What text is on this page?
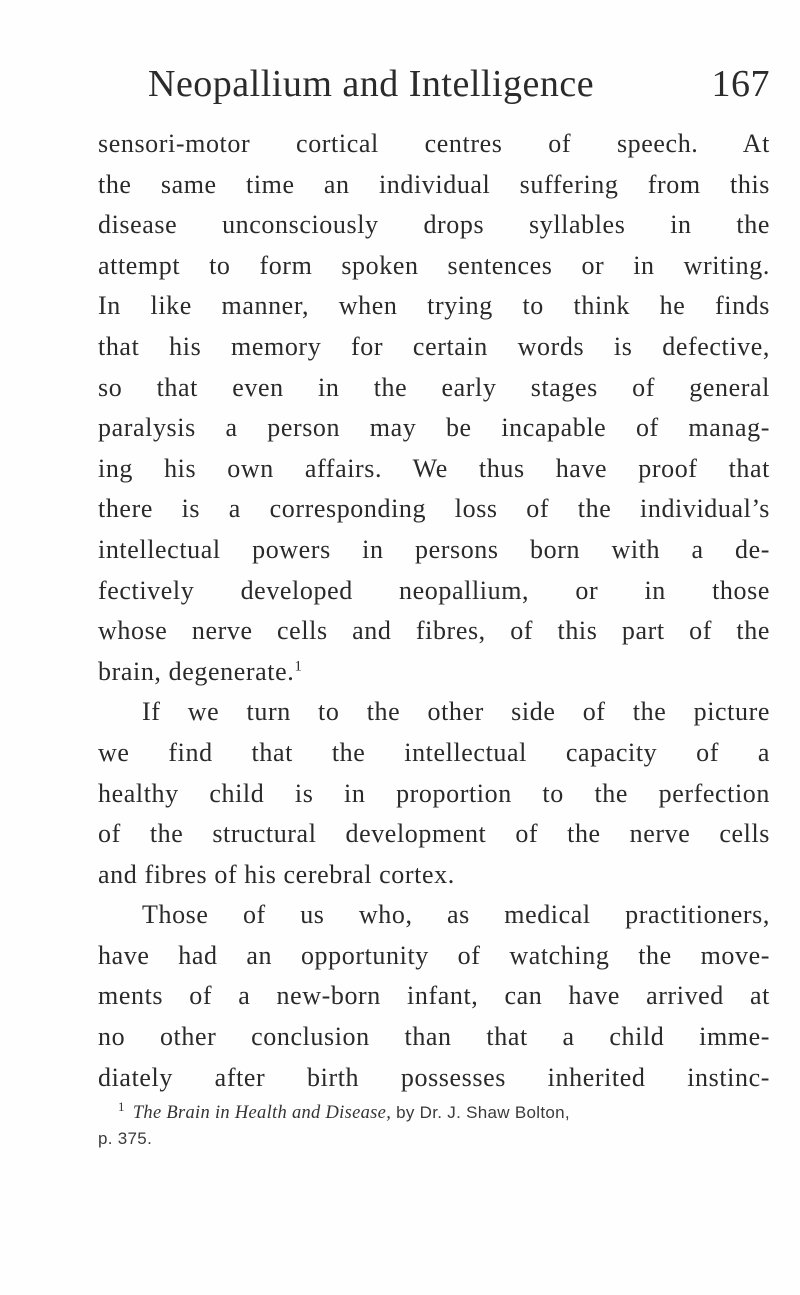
Neopallium and Intelligence	167
sensori-motor cortical centres of speech. At
the same time an individual suffering from this
disease unconsciously drops syllables in the
attempt to form spoken sentences or in writing.
In like manner, when trying to think he finds
that his memory for certain words is defective,
so that even in the early stages of general
paralysis a person may be incapable of manag-
ing his own affairs. We thus have proof that
there is a corresponding loss of the individual’s
intellectual powers in persons born with a de-
fectively developed neopallium, or in those
whose nerve cells and fibres, of this part of the
brain, degenerate.$^1$
If we turn to the other side of the picture
we find that the intellectual capacity of a
healthy child is in proportion to the perfection
of the structural development of the nerve cells
and fibres of his cerebral cortex.
Those of us who, as medical practitioners,
have had an opportunity of watching the move-
ments of a new-born infant, can have arrived at
no other conclusion than that a child imme-
diately after birth possesses inherited instinc-
$^1$ The Brain in Health and Disease, by Dr. J. Shaw Bolton,
p. 375.
